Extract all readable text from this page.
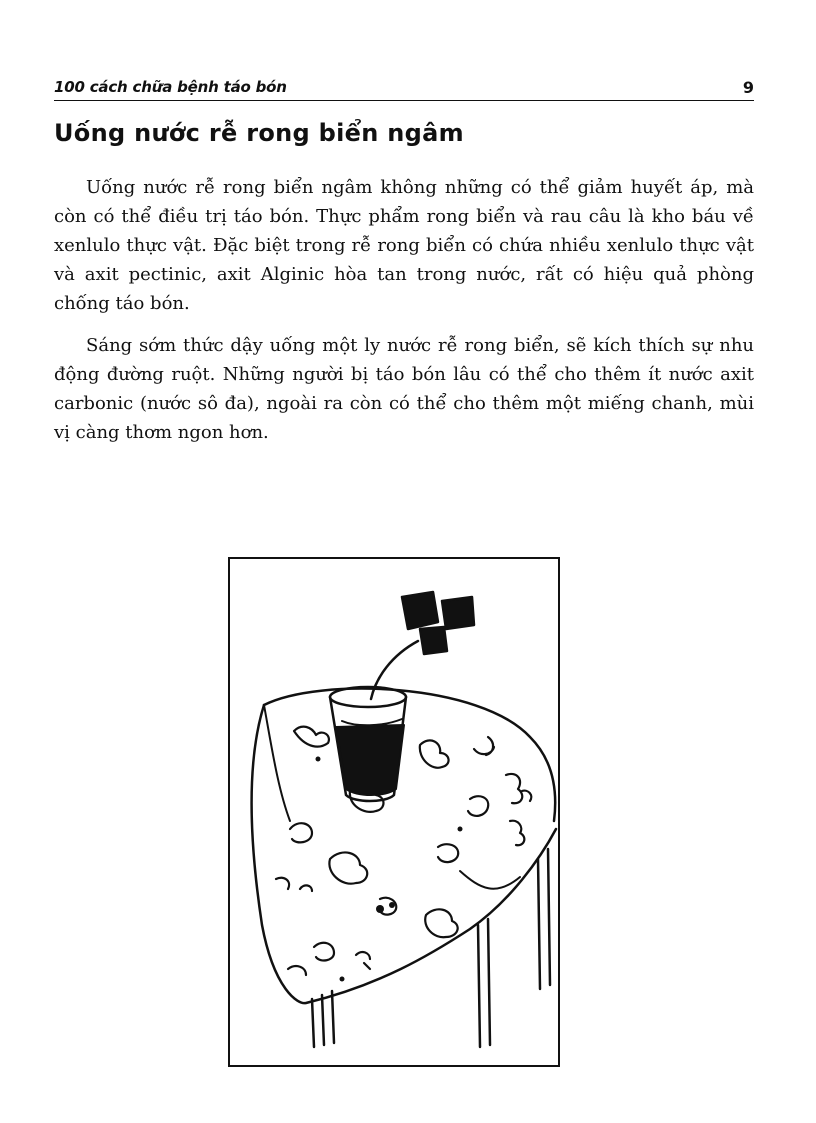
100 cách chữa bệnh táo bón	9
Uống nước rễ rong biển ngâm

Uống nước rễ rong biển ngâm không những có thể giảm huyết áp, mà còn có thể điều trị táo bón. Thực phẩm rong biển và rau câu là kho báu về xenlulo thực vật. Đặc biệt trong rễ rong biển có chứa nhiều xenlulo thực vật và axit pectinic, axit Alginic hòa tan trong nước, rất có hiệu quả phòng chống táo bón.

Sáng sớm thức dậy uống một ly nước rễ rong biển, sẽ kích thích sự nhu động đường ruột. Những người bị táo bón lâu có thể cho thêm ít nước axit carbonic (nước sô đa), ngoài ra còn có thể cho thêm một miếng chanh, mùi vị càng thơm ngon hơn.
